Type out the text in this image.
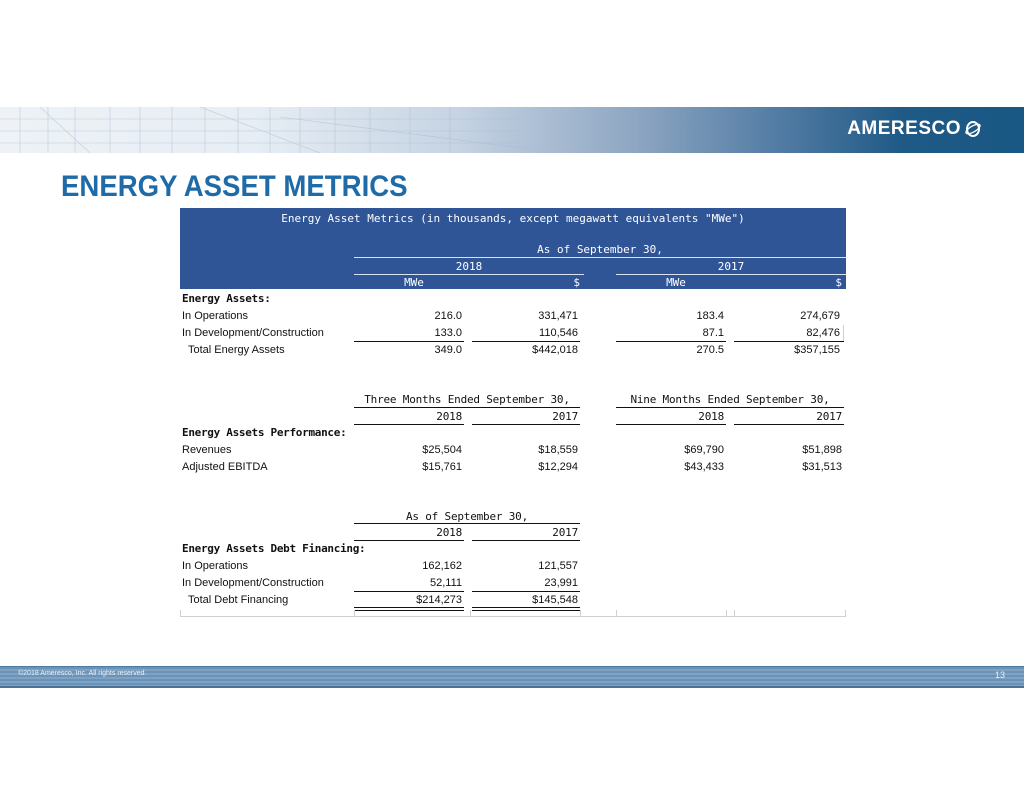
AMERESCO
ENERGY ASSET METRICS
Energy Asset Metrics (in thousands, except megawatt equivalents "MWe")
As of September 30,
2018	2017
MWe	$	MWe	$
Energy Assets:
In Operations	216.0	331,471	183.4	274,679
In Development/Construction	133.0	110,546	87.1	82,476
Total Energy Assets	349.0	$442,018	270.5	$357,155
Three Months Ended September 30,	Nine Months Ended September 30,
2018	2017	2018	2017
Energy Assets Performance:
Revenues	$25,504	$18,559	$69,790	$51,898
Adjusted EBITDA	$15,761	$12,294	$43,433	$31,513
As of September 30,
2018	2017
Energy Assets Debt Financing:
In Operations	162,162	121,557
In Development/Construction	52,111	23,991
Total Debt Financing	$214,273	$145,548
©2018 Ameresco, Inc. All rights reserved.	13
